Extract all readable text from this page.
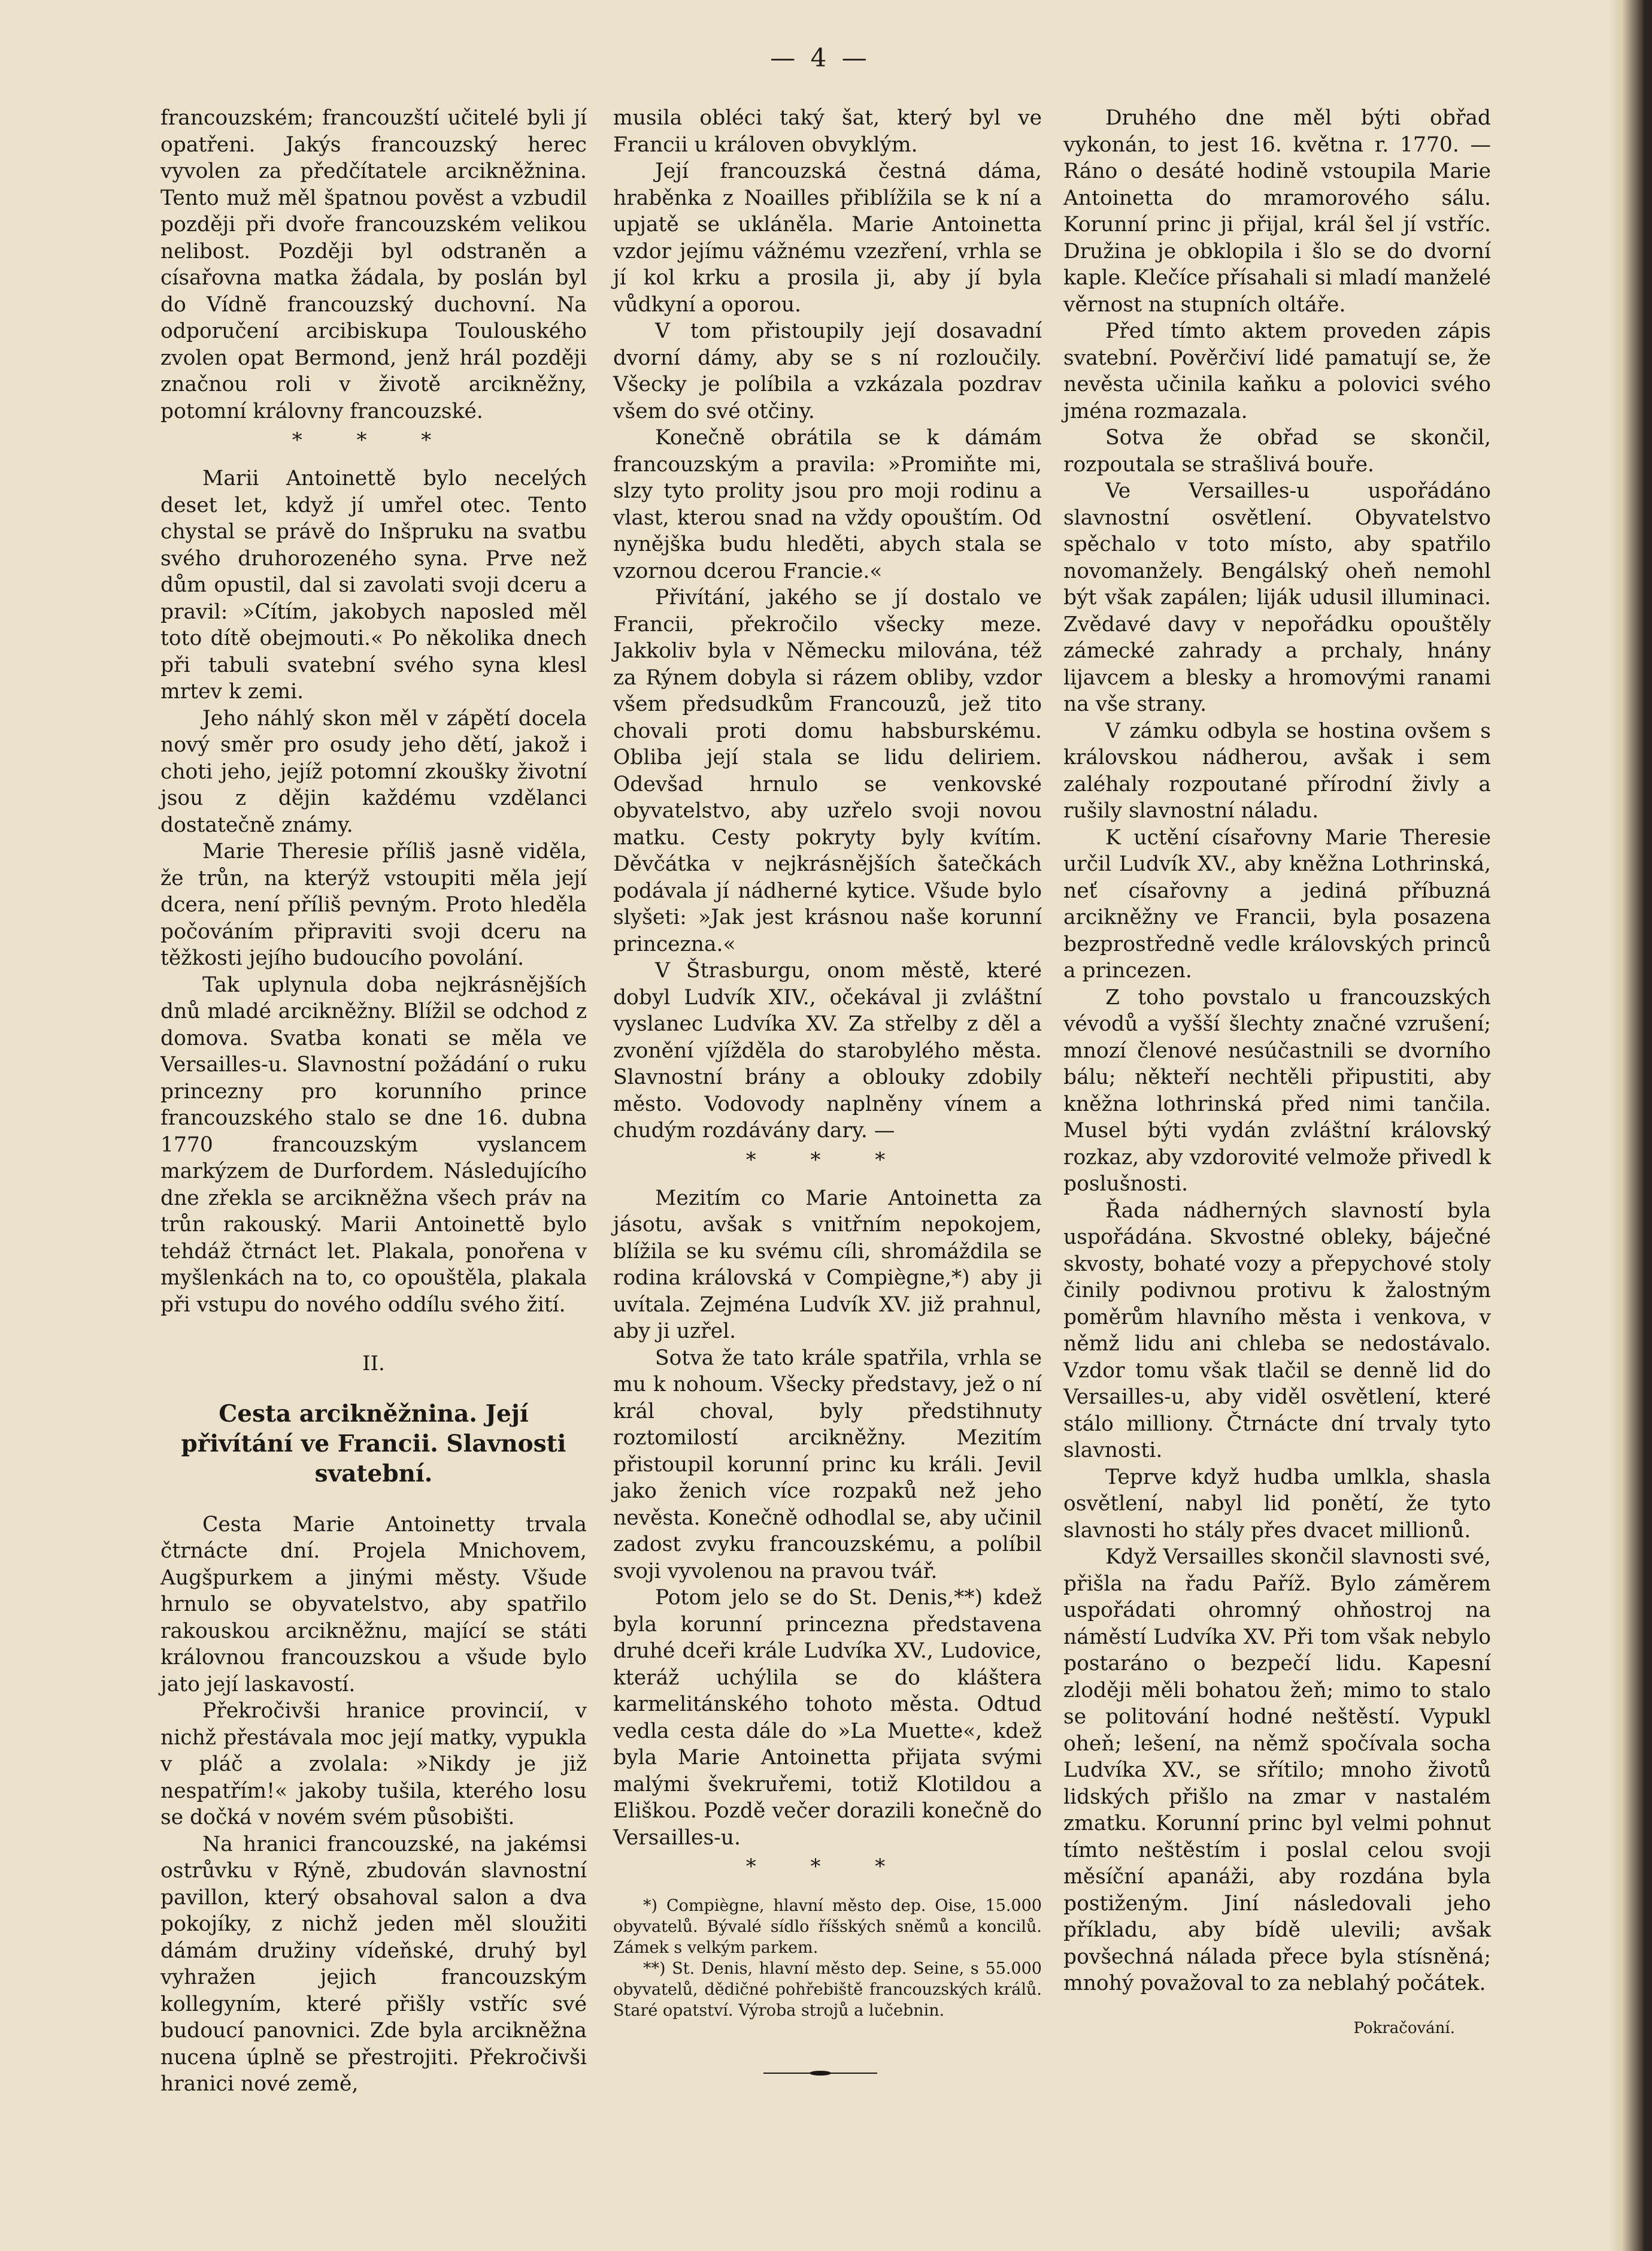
— 4 —

francouzském; francouzští učitelé byli jí opatřeni. Jakýs francouzský herec vyvolen za předčítatele arcikněžnina. Tento muž měl špatnou pověst a vzbudil později při dvoře francouzském velikou nelibost. Později byl odstraněn a císařovna matka žádala, by poslán byl do Vídně francouzský duchovní. Na odporučení arcibiskupa Toulouského zvolen opat Bermond, jenž hrál později značnou roli v životě arcikněžny, potomní královny francouzské.

* * *

Marii Antoinettě bylo necelých deset let, když jí umřel otec. Tento chystal se právě do Inšpruku na svatbu svého druhorozeného syna. Prve než dům opustil, dal si zavolati svoji dceru a pravil: »Cítím, jakobych naposled měl toto dítě obejmouti.« Po několika dnech při tabuli svatební svého syna klesl mrtev k zemi.

Jeho náhlý skon měl v zápětí docela nový směr pro osudy jeho dětí, jakož i choti jeho, jejíž potomní zkoušky životní jsou z dějin každému vzdělanci dostatečně známy.

Marie Theresie příliš jasně viděla, že trůn, na kterýž vstoupiti měla její dcera, není příliš pevným. Proto hleděla počováním připraviti svoji dceru na těžkosti jejího budoucího povolání.

Tak uplynula doba nejkrásnějších dnů mladé arcikněžny. Blížil se odchod z domova. Svatba konati se měla ve Versailles-u. Slavnostní požádání o ruku princezny pro korunního prince francouzského stalo se dne 16. dubna 1770 francouzským vyslancem markýzem de Durfordem. Následujícího dne zřekla se arcikněžna všech práv na trůn rakouský. Marii Antoinettě bylo tehdáž čtrnáct let. Plakala, ponořena v myšlenkách na to, co opouštěla, plakala při vstupu do nového oddílu svého žití.

II.
Cesta arcikněžnina. Její přivítání ve Francii. Slavnosti svatební.

Cesta Marie Antoinetty trvala čtrnácte dní. Projela Mnichovem, Augšpurkem a jinými městy. Všude hrnulo se obyvatelstvo, aby spatřilo rakouskou arcikněžnu, mající se státi královnou francouzskou a všude bylo jato její laskavostí.

Překročivši hranice provincií, v nichž přestávala moc její matky, vypukla v pláč a zvolala: »Nikdy je již nespatřím!« jakoby tušila, kterého losu se dočká v novém svém působišti.

Na hranici francouzské, na jakémsi ostrůvku v Rýně, zbudován slavnostní pavillon, který obsahoval salon a dva pokojíky, z nichž jeden měl sloužiti dámám družiny vídeňské, druhý byl vyhražen jejich francouzským kollegyním, které přišly vstříc své budoucí panovnici. Zde byla arcikněžna nucena úplně se přestrojiti. Překročivši hranici nové země,

musila obléci taký šat, který byl ve Francii u královen obvyklým.

Její francouzská čestná dáma, hraběnka z Noailles přiblížila se k ní a upjatě se ukláněla. Marie Antoinetta vzdor jejímu vážnému vzezření, vrhla se jí kol krku a prosila ji, aby jí byla vůdkyní a oporou.

V tom přistoupily její dosavadní dvorní dámy, aby se s ní rozloučily. Všecky je políbila a vzkázala pozdrav všem do své otčiny.

Konečně obrátila se k dámám francouzským a pravila: »Promiňte mi, slzy tyto prolity jsou pro moji rodinu a vlast, kterou snad na vždy opouštím. Od nynějška budu hleděti, abych stala se vzornou dcerou Francie.«

Přivítání, jakého se jí dostalo ve Francii, překročilo všecky meze. Jakkoliv byla v Německu milována, též za Rýnem dobyla si rázem obliby, vzdor všem předsudkům Francouzů, jež tito chovali proti domu habsburskému. Obliba její stala se lidu deliriem. Odevšad hrnulo se venkovské obyvatelstvo, aby uzřelo svoji novou matku. Cesty pokryty byly kvítím. Děvčátka v nejkrásnějších šatečkách podávala jí nádherné kytice. Všude bylo slyšeti: »Jak jest krásnou naše korunní princezna.«

V Štrasburgu, onom městě, které dobyl Ludvík XIV., očekával ji zvláštní vyslanec Ludvíka XV. Za střelby z děl a zvonění vjížděla do starobylého města. Slavnostní brány a oblouky zdobily město. Vodovody naplněny vínem a chudým rozdávány dary. —

* * *

Mezitím co Marie Antoinetta za jásotu, avšak s vnitřním nepokojem, blížila se ku svému cíli, shromáždila se rodina královská v Compiègne,*) aby ji uvítala. Zejména Ludvík XV. již prahnul, aby ji uzřel.

Sotva že tato krále spatřila, vrhla se mu k nohoum. Všecky představy, jež o ní král choval, byly předstihnuty roztomilostí arcikněžny. Mezitím přistoupil korunní princ ku králi. Jevil jako ženich více rozpaků než jeho nevěsta. Konečně odhodlal se, aby učinil zadost zvyku francouzskému, a políbil svoji vyvolenou na pravou tvář.

Potom jelo se do St. Denis,**) kdež byla korunní princezna představena druhé dceři krále Ludvíka XV., Ludovice, kteráž uchýlila se do kláštera karmelitánského tohoto města. Odtud vedla cesta dále do »La Muette«, kdež byla Marie Antoinetta přijata svými malými švekruřemi, totiž Klotildou a Eliškou. Pozdě večer dorazili konečně do Versailles-u.

* * *

*) Compiègne, hlavní město dep. Oise, 15.000 obyvatelů. Bývalé sídlo říšských sněmů a koncilů. Zámek s velkým parkem.

**) St. Denis, hlavní město dep. Seine, s 55.000 obyvatelů, dědičné pohřebiště francouzských králů. Staré opatství. Výroba strojů a lučebnin.

Druhého dne měl býti obřad vykonán, to jest 16. května r. 1770. — Ráno o desáté hodině vstoupila Marie Antoinetta do mramorového sálu. Korunní princ ji přijal, král šel jí vstříc. Družina je obklopila i šlo se do dvorní kaple. Klečíce přísahali si mladí manželé věrnost na stupních oltáře.

Před tímto aktem proveden zápis svatební. Pověrčiví lidé pamatují se, že nevěsta učinila kaňku a polovici svého jména rozmazala.

Sotva že obřad se skončil, rozpoutala se strašlivá bouře.

Ve Versailles-u uspořádáno slavnostní osvětlení. Obyvatelstvo spěchalo v toto místo, aby spatřilo novomanžely. Bengálský oheň nemohl být však zapálen; liják udusil illuminaci. Zvědavé davy v nepořádku opouštěly zámecké zahrady a prchaly, hnány lijavcem a blesky a hromovými ranami na vše strany.

V zámku odbyla se hostina ovšem s královskou nádherou, avšak i sem zaléhaly rozpoutané přírodní živly a rušily slavnostní náladu.

K uctění císařovny Marie Theresie určil Ludvík XV., aby kněžna Lothrinská, neť císařovny a jediná příbuzná arcikněžny ve Francii, byla posazena bezprostředně vedle královských princů a princezen.

Z toho povstalo u francouzských vévodů a vyšší šlechty značné vzrušení; mnozí členové nesúčastnili se dvorního bálu; někteří nechtěli připustiti, aby kněžna lothrinská před nimi tančila. Musel býti vydán zvláštní královský rozkaz, aby vzdorovité velmože přivedl k poslušnosti.

Řada nádherných slavností byla uspořádána. Skvostné obleky, báječné skvosty, bohaté vozy a přepychové stoly činily podivnou protivu k žalostným poměrům hlavního města i venkova, v němž lidu ani chleba se nedostávalo. Vzdor tomu však tlačil se denně lid do Versailles-u, aby viděl osvětlení, které stálo milliony. Čtrnácte dní trvaly tyto slavnosti.

Teprve když hudba umlkla, shasla osvětlení, nabyl lid ponětí, že tyto slavnosti ho stály přes dvacet millionů.

Když Versailles skončil slavnosti své, přišla na řadu Paříž. Bylo záměrem uspořádati ohromný ohňostroj na náměstí Ludvíka XV. Při tom však nebylo postaráno o bezpečí lidu. Kapesní zloději měli bohatou žeň; mimo to stalo se politování hodné neštěstí. Vypukl oheň; lešení, na němž spočívala socha Ludvíka XV., se sřítilo; mnoho životů lidských přišlo na zmar v nastalém zmatku. Korunní princ byl velmi pohnut tímto neštěstím i poslal celou svoji měsíční apanáži, aby rozdána byla postiženým. Jiní následovali jeho příkladu, aby bídě ulevili; avšak povšechná nálada přece byla stísněná; mnohý považoval to za neblahý počátek.

Pokračování.
